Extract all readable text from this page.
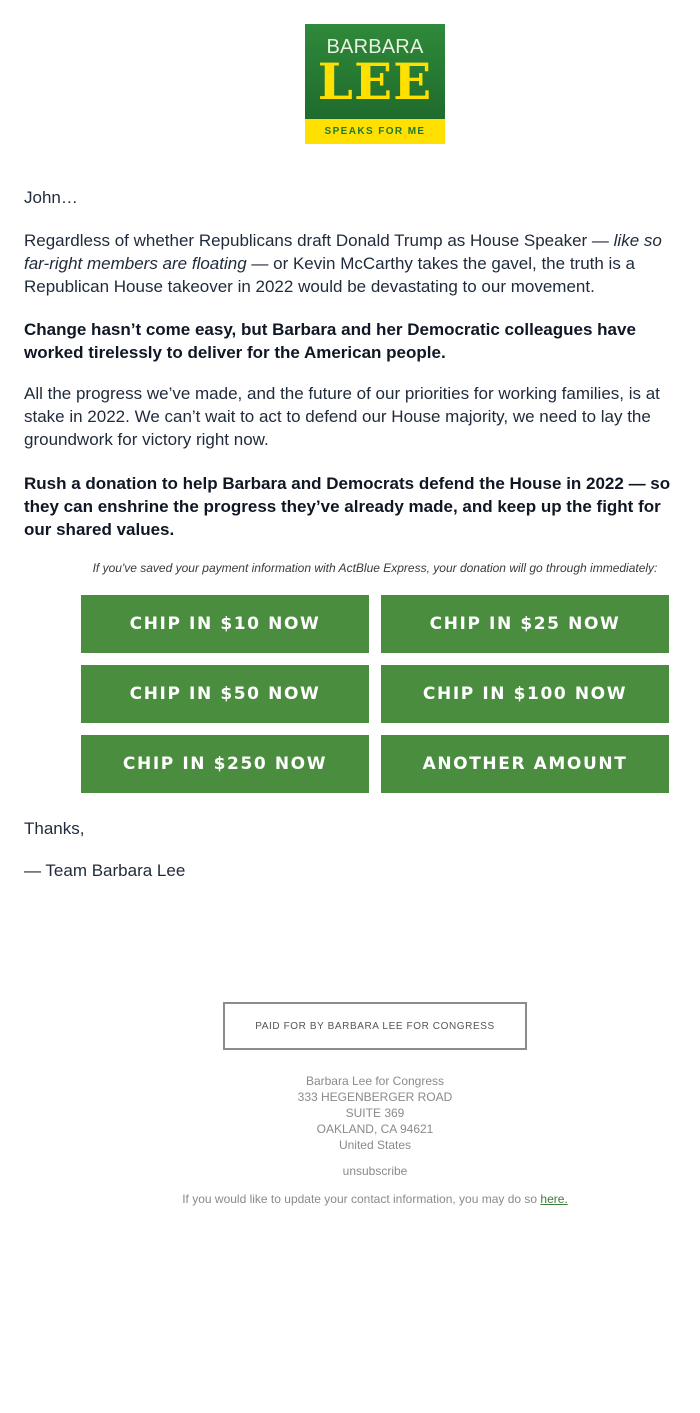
BARBARA
LEE
SPEAKS FOR ME

John…

Regardless of whether Republicans draft Donald Trump as House Speaker — like so
far-right members are floating — or Kevin McCarthy takes the gavel, the truth is a
Republican House takeover in 2022 would be devastating to our movement.

Change hasn’t come easy, but Barbara and her Democratic colleagues have
worked tirelessly to deliver for the American people.

All the progress we’ve made, and the future of our priorities for working families, is at
stake in 2022. We can’t wait to act to defend our House majority, we need to lay the
groundwork for victory right now.

Rush a donation to help Barbara and Democrats defend the House in 2022 — so
they can enshrine the progress they’ve already made, and keep up the fight for
our shared values.

If you've saved your payment information with ActBlue Express, your donation will go through immediately:

CHIP IN $10 NOW	CHIP IN $25 NOW
CHIP IN $50 NOW	CHIP IN $100 NOW
CHIP IN $250 NOW	ANOTHER AMOUNT

Thanks,

— Team Barbara Lee

PAID FOR BY BARBARA LEE FOR CONGRESS
Barbara Lee for Congress
333 HEGENBERGER ROAD
SUITE 369
OAKLAND, CA 94621
United States
unsubscribe
If you would like to update your contact information, you may do so here.
